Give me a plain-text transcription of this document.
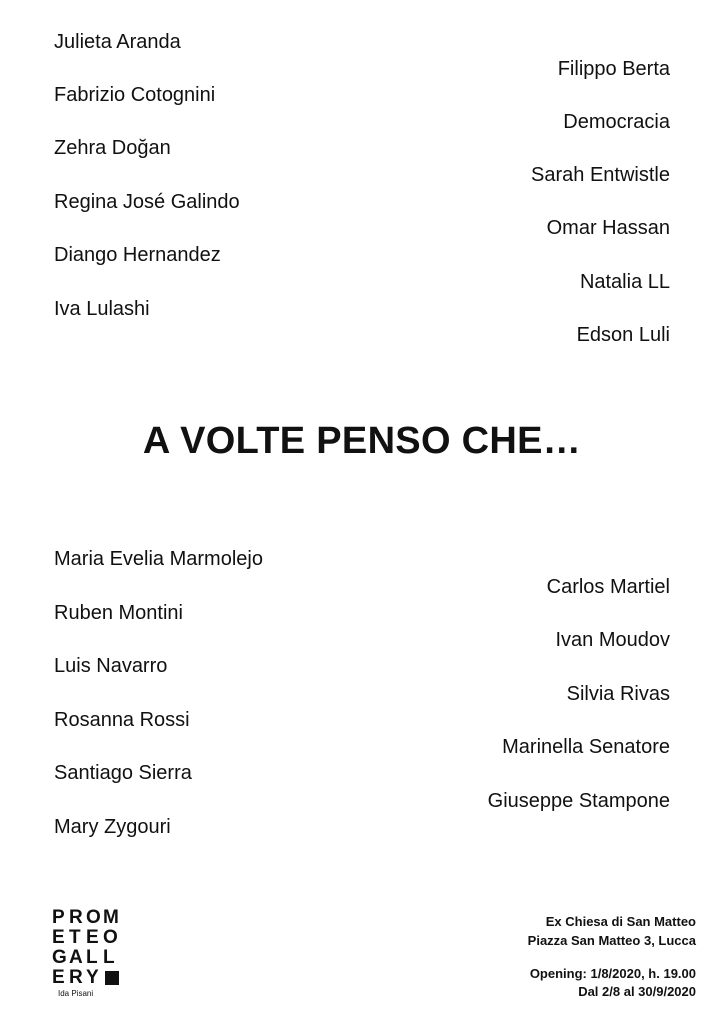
Julieta Aranda
Fabrizio Cotognini
Zehra Doğan
Regina José Galindo
Diango Hernandez
Iva Lulashi
Filippo Berta
Democracia
Sarah Entwistle
Omar Hassan
Natalia LL
Edson Luli
A VOLTE PENSO CHE…
Maria Evelia Marmolejo
Ruben Montini
Luis Navarro
Rosanna Rossi
Santiago Sierra
Mary Zygouri
Carlos Martiel
Ivan Moudov
Silvia Rivas
Marinella Senatore
Giuseppe Stampone
P R O M
E T E O
G A L L
E R Y
Ida Pisani
Ex Chiesa di San Matteo
Piazza San Matteo 3, Lucca
Opening: 1/8/2020, h. 19.00
Dal 2/8 al 30/9/2020
